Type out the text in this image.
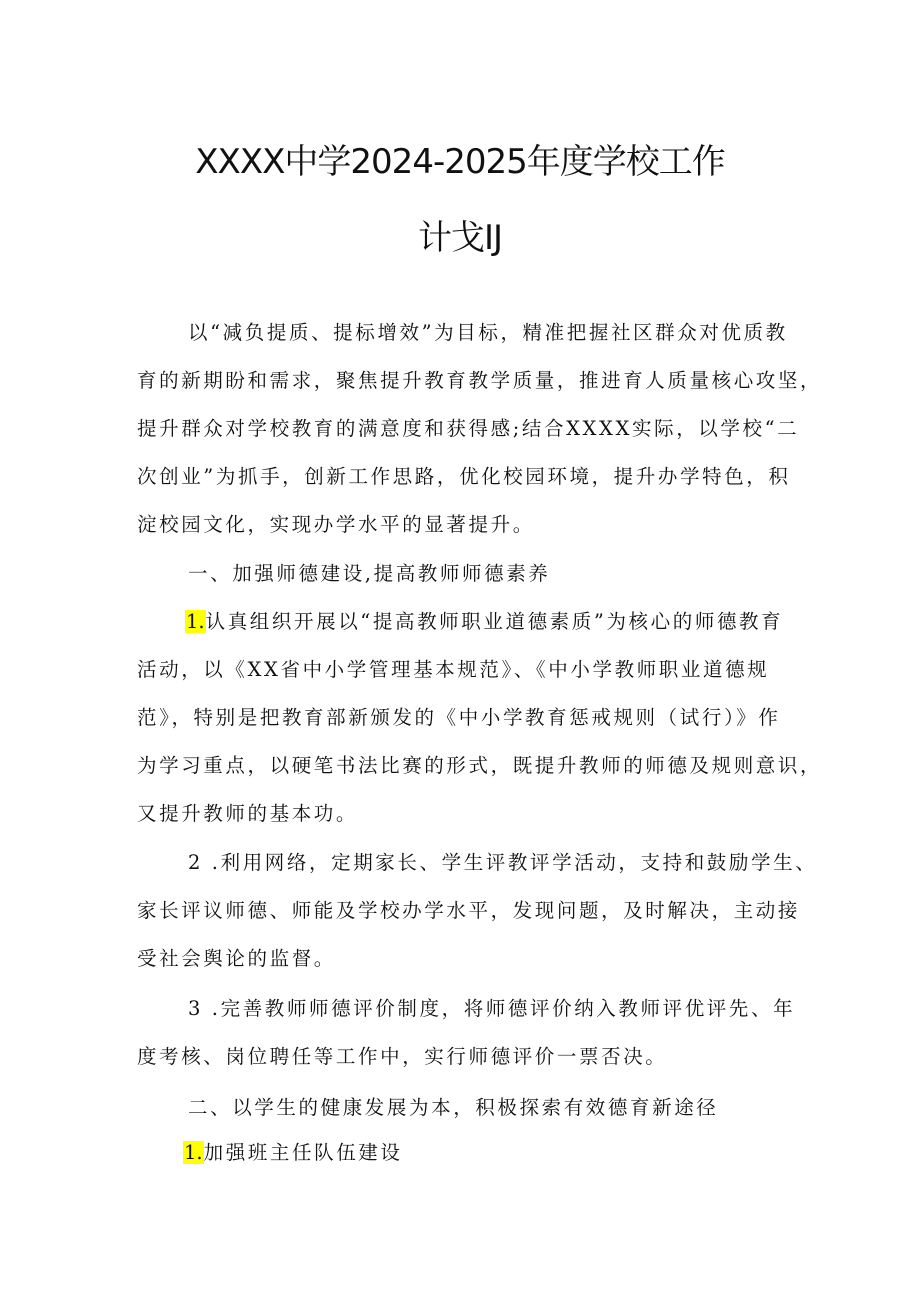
XXXX中学2024-2025年度学校工作
计戈IJ
以“减负提质、提标增效”为目标，精准把握社区群众对优质教
育的新期盼和需求，聚焦提升教育教学质量，推进育人质量核心攻坚，
提升群众对学校教育的满意度和获得感;结合XXXX实际，以学校“二
次创业”为抓手，创新工作思路，优化校园环境，提升办学特色，积
淀校园文化，实现办学水平的显著提升。
一、加强师德建设,提高教师师德素养
1.认真组织开展以“提高教师职业道德素质”为核心的师德教育
活动，以《XX省中小学管理基本规范》、《中小学教师职业道德规
范》，特别是把教育部新颁发的《中小学教育惩戒规则（试行）》作
为学习重点，以硬笔书法比赛的形式，既提升教师的师德及规则意识，
又提升教师的基本功。
2 .利用网络，定期家长、学生评教评学活动，支持和鼓励学生、
家长评议师德、师能及学校办学水平，发现问题，及时解决，主动接
受社会舆论的监督。
3 .完善教师师德评价制度，将师德评价纳入教师评优评先、年
度考核、岗位聘任等工作中，实行师德评价一票否决。
二、以学生的健康发展为本，积极探索有效德育新途径
1.加强班主任队伍建设
